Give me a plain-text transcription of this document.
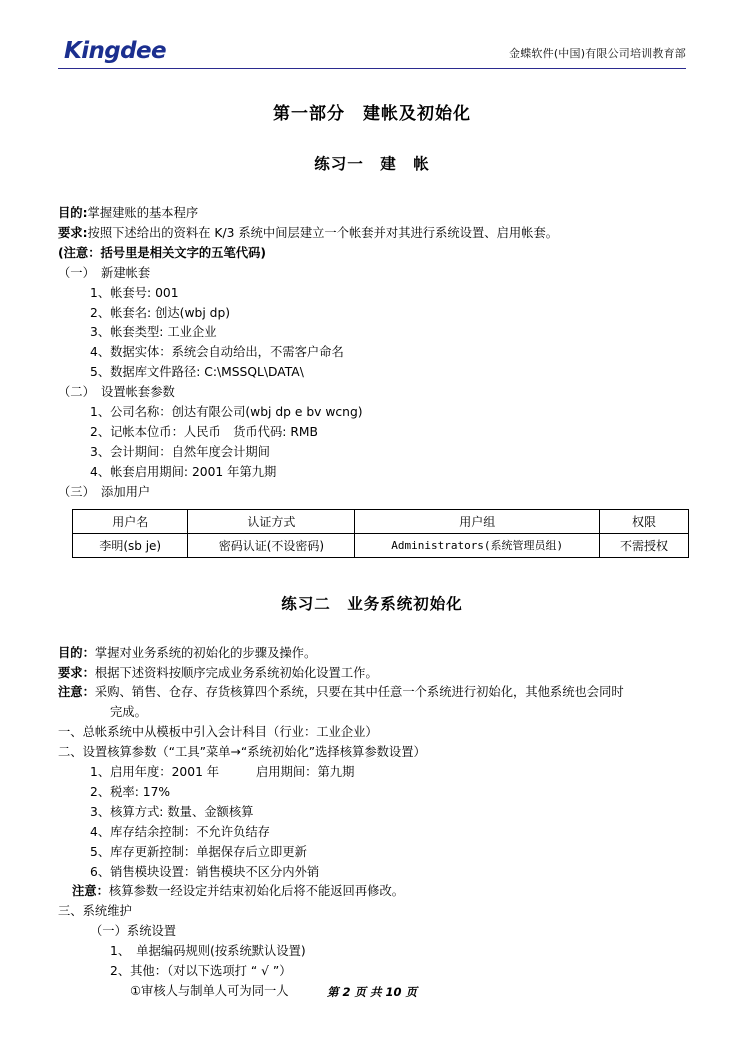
Kingdee	金蝶软件(中国)有限公司培训教育部
第一部分　建帐及初始化
练习一　建　帐
目的:掌握建账的基本程序
要求:按照下述给出的资料在 K/3 系统中间层建立一个帐套并对其进行系统设置、启用帐套。
(注意：括号里是相关文字的五笔代码)
（一）　新建帐套
1、帐套号: 001
2、帐套名: 创达(wbj dp)
3、帐套类型: 工业企业
4、数据实体：系统会自动给出，不需客户命名
5、数据库文件路径: C:\MSSQL\DATA\
（二）　设置帐套参数
1、公司名称：创达有限公司(wbj dp e bv wcng)
2、记帐本位币：人民币　货币代码: RMB
3、会计期间：自然年度会计期间
4、帐套启用期间: 2001 年第九期
（三）　添加用户
用户名	认证方式	用户组	权限
李明(sb je)	密码认证(不设密码)	Administrators(系统管理员组)	不需授权
练习二　业务系统初始化
目的：掌握对业务系统的初始化的步骤及操作。
要求：根据下述资料按顺序完成业务系统初始化设置工作。
注意：采购、销售、仓存、存货核算四个系统，只要在其中任意一个系统进行初始化，其他系统也会同时
完成。
一、总帐系统中从模板中引入会计科目（行业：工业企业）
二、设置核算参数（“工具”菜单→“系统初始化”选择核算参数设置）
1、启用年度：2001 年　　　启用期间：第九期
2、税率: 17%
3、核算方式: 数量、金额核算
4、库存结余控制：不允许负结存
5、库存更新控制：单据保存后立即更新
6、销售模块设置：销售模块不区分内外销
注意：核算参数一经设定并结束初始化后将不能返回再修改。
三、系统维护
（一）系统设置
1、　单据编码规则(按系统默认设置)
2、其他：（对以下选项打 “ √ ”）
①审核人与制单人可为同一人	第 2 页 共 10 页
